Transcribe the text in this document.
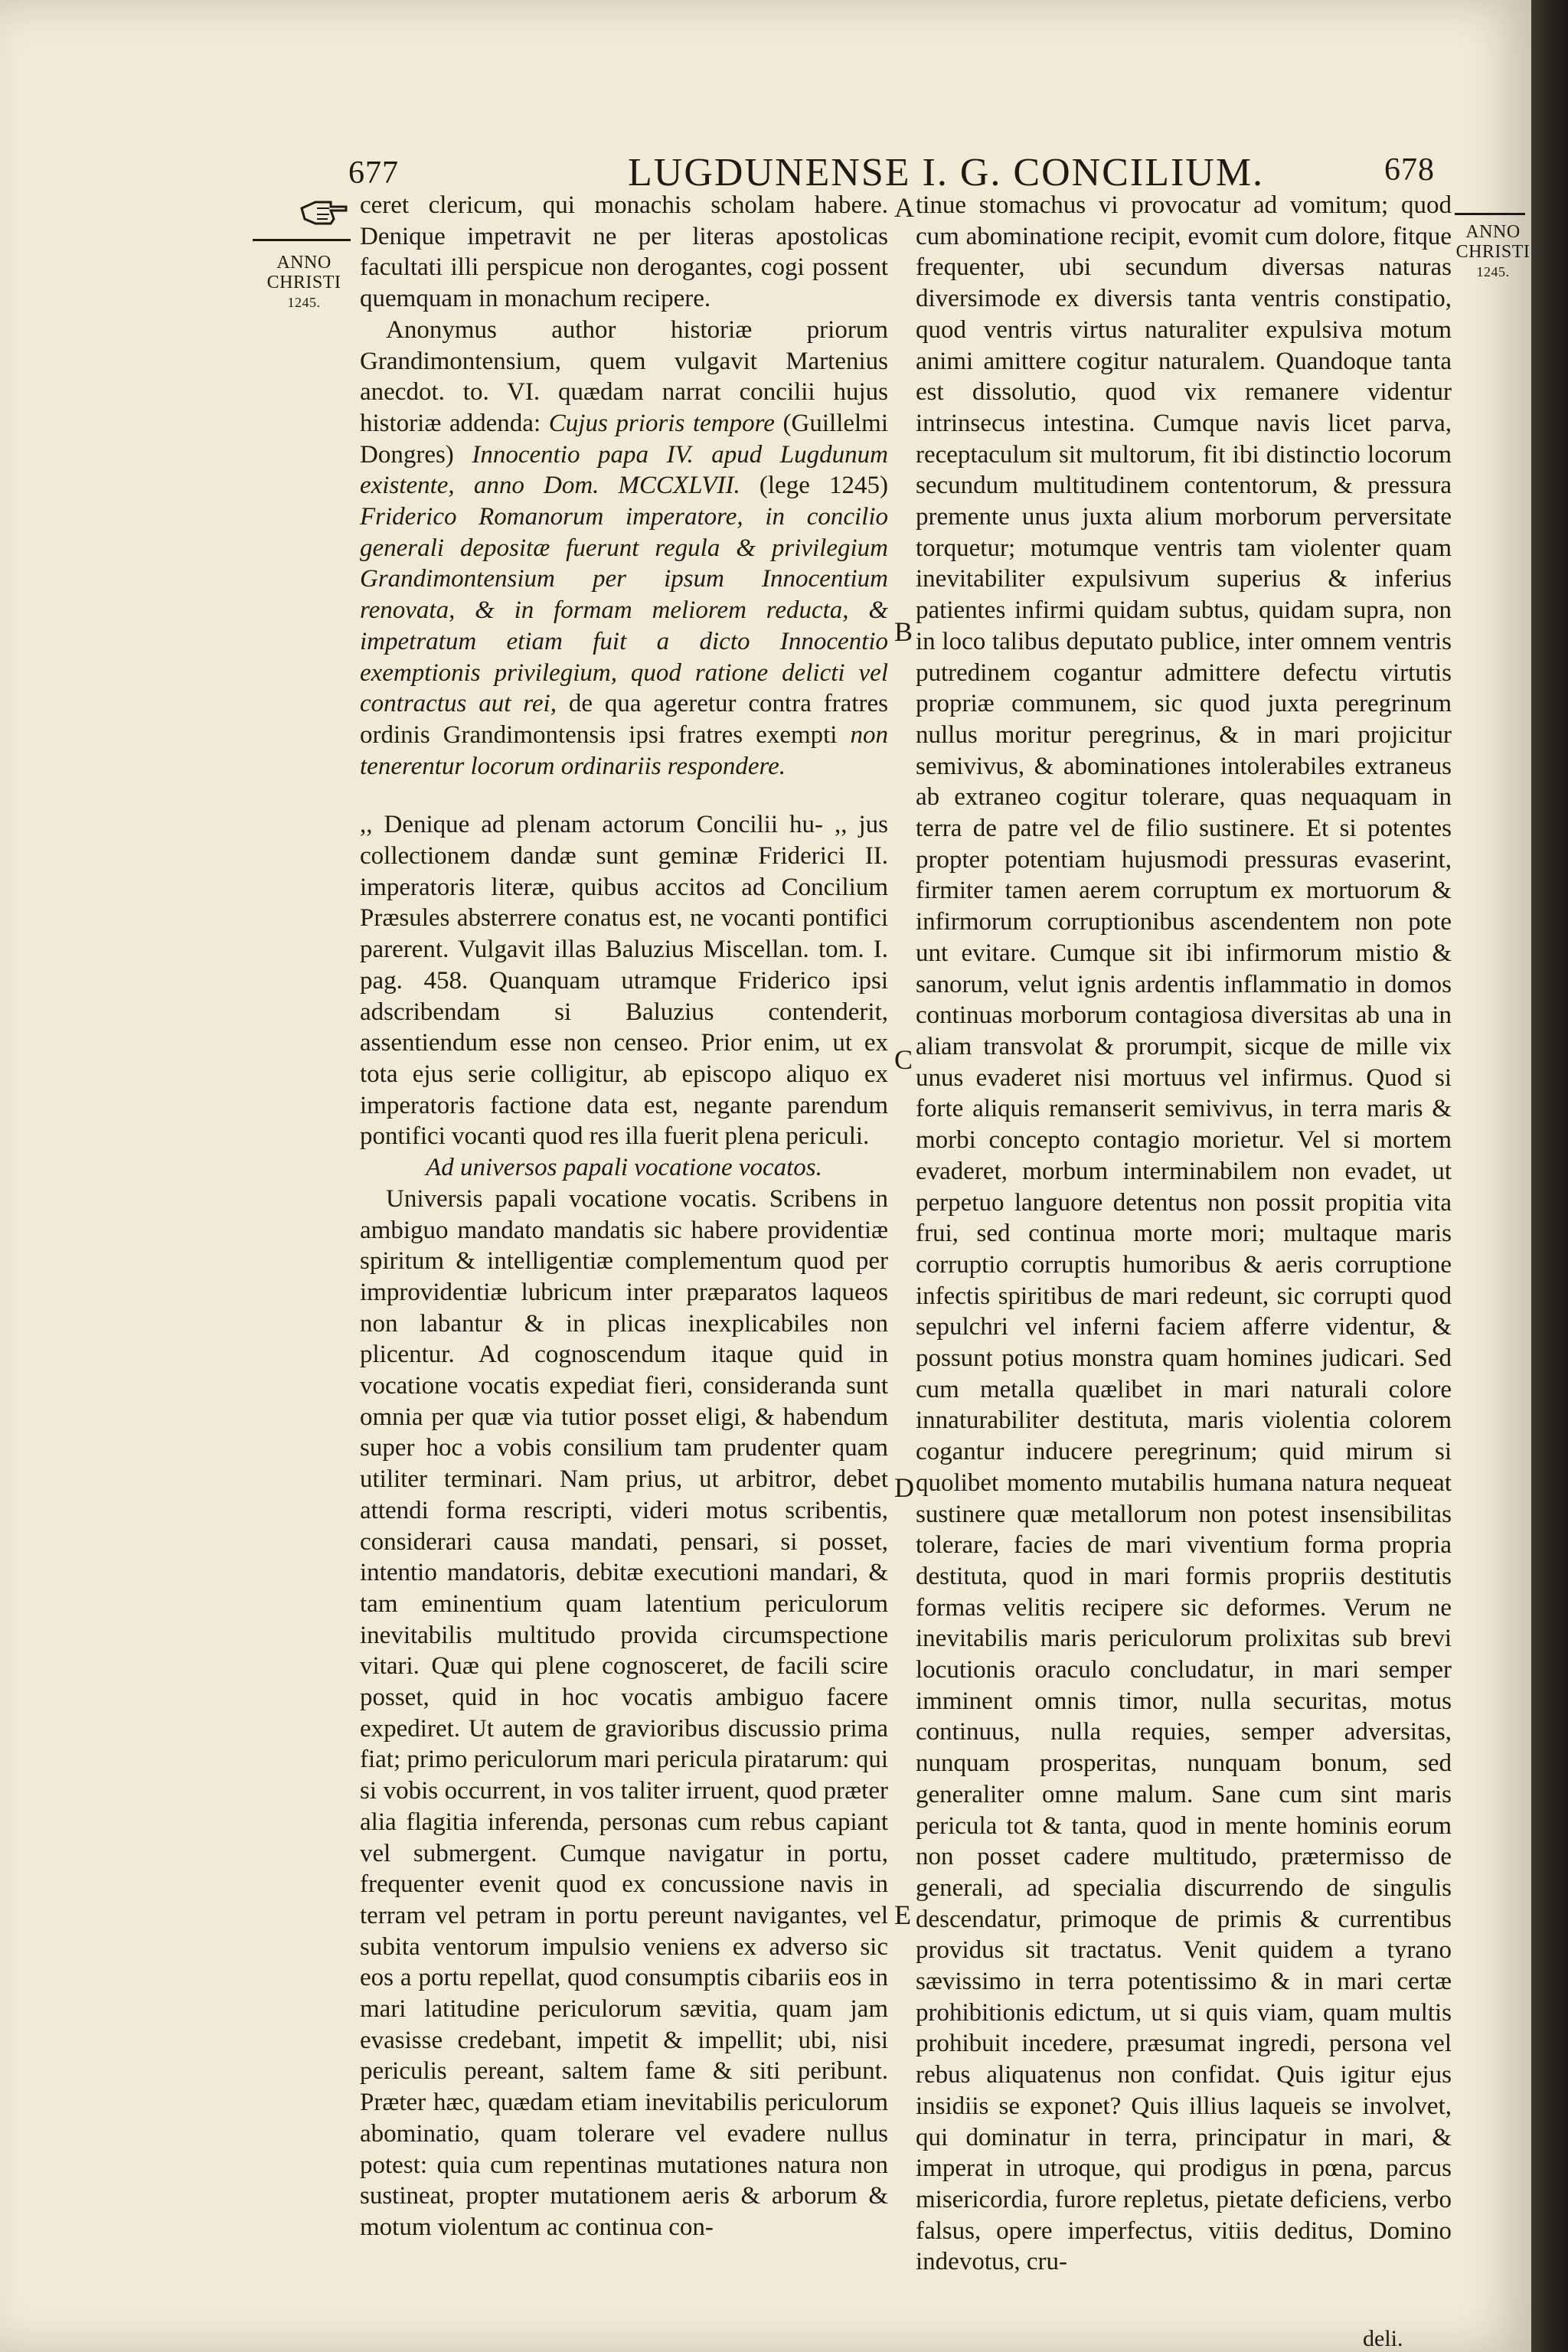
677	LUGDUNENSE I. G. CONCILIUM.	678
ANNO
CHRISTI
1245.
ANNO
CHRISTI
1245.
A
B
C
D
E

ceret clericum, qui monachis scholam habere. Denique impetravit ne per literas apostolicas facultati illi perspicue non derogantes, cogi possent quemquam in monachum recipere.

Anonymus author historiæ priorum Grandimontensium, quem vulgavit Martenius anecdot. to. VI. quædam narrat concilii hujus historiæ addenda: Cujus prioris tempore (Guillelmi Dongres) Innocentio papa IV. apud Lugdunum existente, anno Dom. MCCXLVII. (lege 1245) Friderico Romanorum imperatore, in concilio generali depositæ fuerunt regula & privilegium Grandimontensium per ipsum Innocentium renovata, & in formam meliorem reducta, & impetratum etiam fuit a dicto Innocentio exemptionis privilegium, quod ratione delicti vel contractus aut rei, de qua ageretur contra fratres ordinis Grandimontensis ipsi fratres exempti non tenerentur locorum ordinariis respondere.

,, Denique ad plenam actorum Concilii hu- ,, jus collectionem dandæ sunt geminæ Friderici II. imperatoris literæ, quibus accitos ad Concilium Præsules absterrere conatus est, ne vocanti pontifici parerent. Vulgavit illas Baluzius Miscellan. tom. I. pag. 458. Quanquam utramque Friderico ipsi adscribendam si Baluzius contenderit, assentiendum esse non censeo. Prior enim, ut ex tota ejus serie colligitur, ab episcopo aliquo ex imperatoris factione data est, negante parendum pontifici vocanti quod res illa fuerit plena periculi.

Ad universos papali vocatione vocatos.

Universis papali vocatione vocatis. Scribens in ambiguo mandato mandatis sic habere providentiæ spiritum & intelligentiæ complementum quod per improvidentiæ lubricum inter præparatos laqueos non labantur & in plicas inexplicabiles non plicentur. Ad cognoscendum itaque quid in vocatione vocatis expediat fieri, consideranda sunt omnia per quæ via tutior posset eligi, & habendum super hoc a vobis consilium tam prudenter quam utiliter terminari. Nam prius, ut arbitror, debet attendi forma rescripti, videri motus scribentis, considerari causa mandati, pensari, si posset, intentio mandatoris, debitæ executioni mandari, & tam eminentium quam latentium periculorum inevitabilis multitudo provida circumspectione vitari. Quæ qui plene cognosceret, de facili scire posset, quid in hoc vocatis ambiguo facere expediret. Ut autem de gravioribus discussio prima fiat; primo periculorum mari pericula piratarum: qui si vobis occurrent, in vos taliter irruent, quod præter alia flagitia inferenda, personas cum rebus capiant vel submergent. Cumque navigatur in portu, frequenter evenit quod ex concussione navis in terram vel petram in portu pereunt navigantes, vel subita ventorum impulsio veniens ex adverso sic eos a portu repellat, quod consumptis cibariis eos in mari latitudine periculorum sævitia, quam jam evasisse credebant, impetit & impellit; ubi, nisi periculis pereant, saltem fame & siti peribunt. Præter hæc, quædam etiam inevitabilis periculorum abominatio, quam tolerare vel evadere nullus potest: quia cum repentinas mutationes natura non sustineat, propter mutationem aeris & arborum & motum violentum ac continua con-

tinue stomachus vi provocatur ad vomitum; quod cum abominatione recipit, evomit cum dolore, fitque frequenter, ubi secundum diversas naturas diversimode ex diversis tanta ventris constipatio, quod ventris virtus naturaliter expulsiva motum animi amittere cogitur naturalem. Quandoque tanta est dissolutio, quod vix remanere videntur intrinsecus intestina. Cumque navis licet parva, receptaculum sit multorum, fit ibi distinctio locorum secundum multitudinem contentorum, & pressura premente unus juxta alium morborum perversitate torquetur; motumque ventris tam violenter quam inevitabiliter expulsivum superius & inferius patientes infirmi quidam subtus, quidam supra, non in loco talibus deputato publice, inter omnem ventris putredinem cogantur admittere defectu virtutis propriæ communem, sic quod juxta peregrinum nullus moritur peregrinus, & in mari projicitur semivivus, & abominationes intolerabiles extraneus ab extraneo cogitur tolerare, quas nequaquam in terra de patre vel de filio sustinere. Et si potentes propter potentiam hujusmodi pressuras evaserint, firmiter tamen aerem corruptum ex mortuorum & infirmorum corruptionibus ascendentem non pote unt evitare. Cumque sit ibi infirmorum mistio & sanorum, velut ignis ardentis inflammatio in domos continuas morborum contagiosa diversitas ab una in aliam transvolat & prorumpit, sicque de mille vix unus evaderet nisi mortuus vel infirmus. Quod si forte aliquis remanserit semivivus, in terra maris & morbi concepto contagio morietur. Vel si mortem evaderet, morbum interminabilem non evadet, ut perpetuo languore detentus non possit propitia vita frui, sed continua morte mori; multaque maris corruptio corruptis humoribus & aeris corruptione infectis spiritibus de mari redeunt, sic corrupti quod sepulchri vel inferni faciem afferre videntur, & possunt potius monstra quam homines judicari. Sed cum metalla quælibet in mari naturali colore innaturabiliter destituta, maris violentia colorem cogantur inducere peregrinum; quid mirum si quolibet momento mutabilis humana natura nequeat sustinere quæ metallorum non potest insensibilitas tolerare, facies de mari viventium forma propria destituta, quod in mari formis propriis destitutis formas velitis recipere sic deformes. Verum ne inevitabilis maris periculorum prolixitas sub brevi locutionis oraculo concludatur, in mari semper imminent omnis timor, nulla securitas, motus continuus, nulla requies, semper adversitas, nunquam prosperitas, nunquam bonum, sed generaliter omne malum. Sane cum sint maris pericula tot & tanta, quod in mente hominis eorum non posset cadere multitudo, prætermisso de generali, ad specialia discurrendo de singulis descendatur, primoque de primis & currentibus providus sit tractatus. Venit quidem a tyrano sævissimo in terra potentissimo & in mari certæ prohibitionis edictum, ut si quis viam, quam multis prohibuit incedere, præsumat ingredi, persona vel rebus aliquatenus non confidat. Quis igitur ejus insidiis se exponet? Quis illius laqueis se involvet, qui dominatur in terra, principatur in mari, & imperat in utroque, qui prodigus in pœna, parcus misericordia, furore repletus, pietate deficiens, verbo falsus, opere imperfectus, vitiis deditus, Domino indevotus, cru-

deli.
